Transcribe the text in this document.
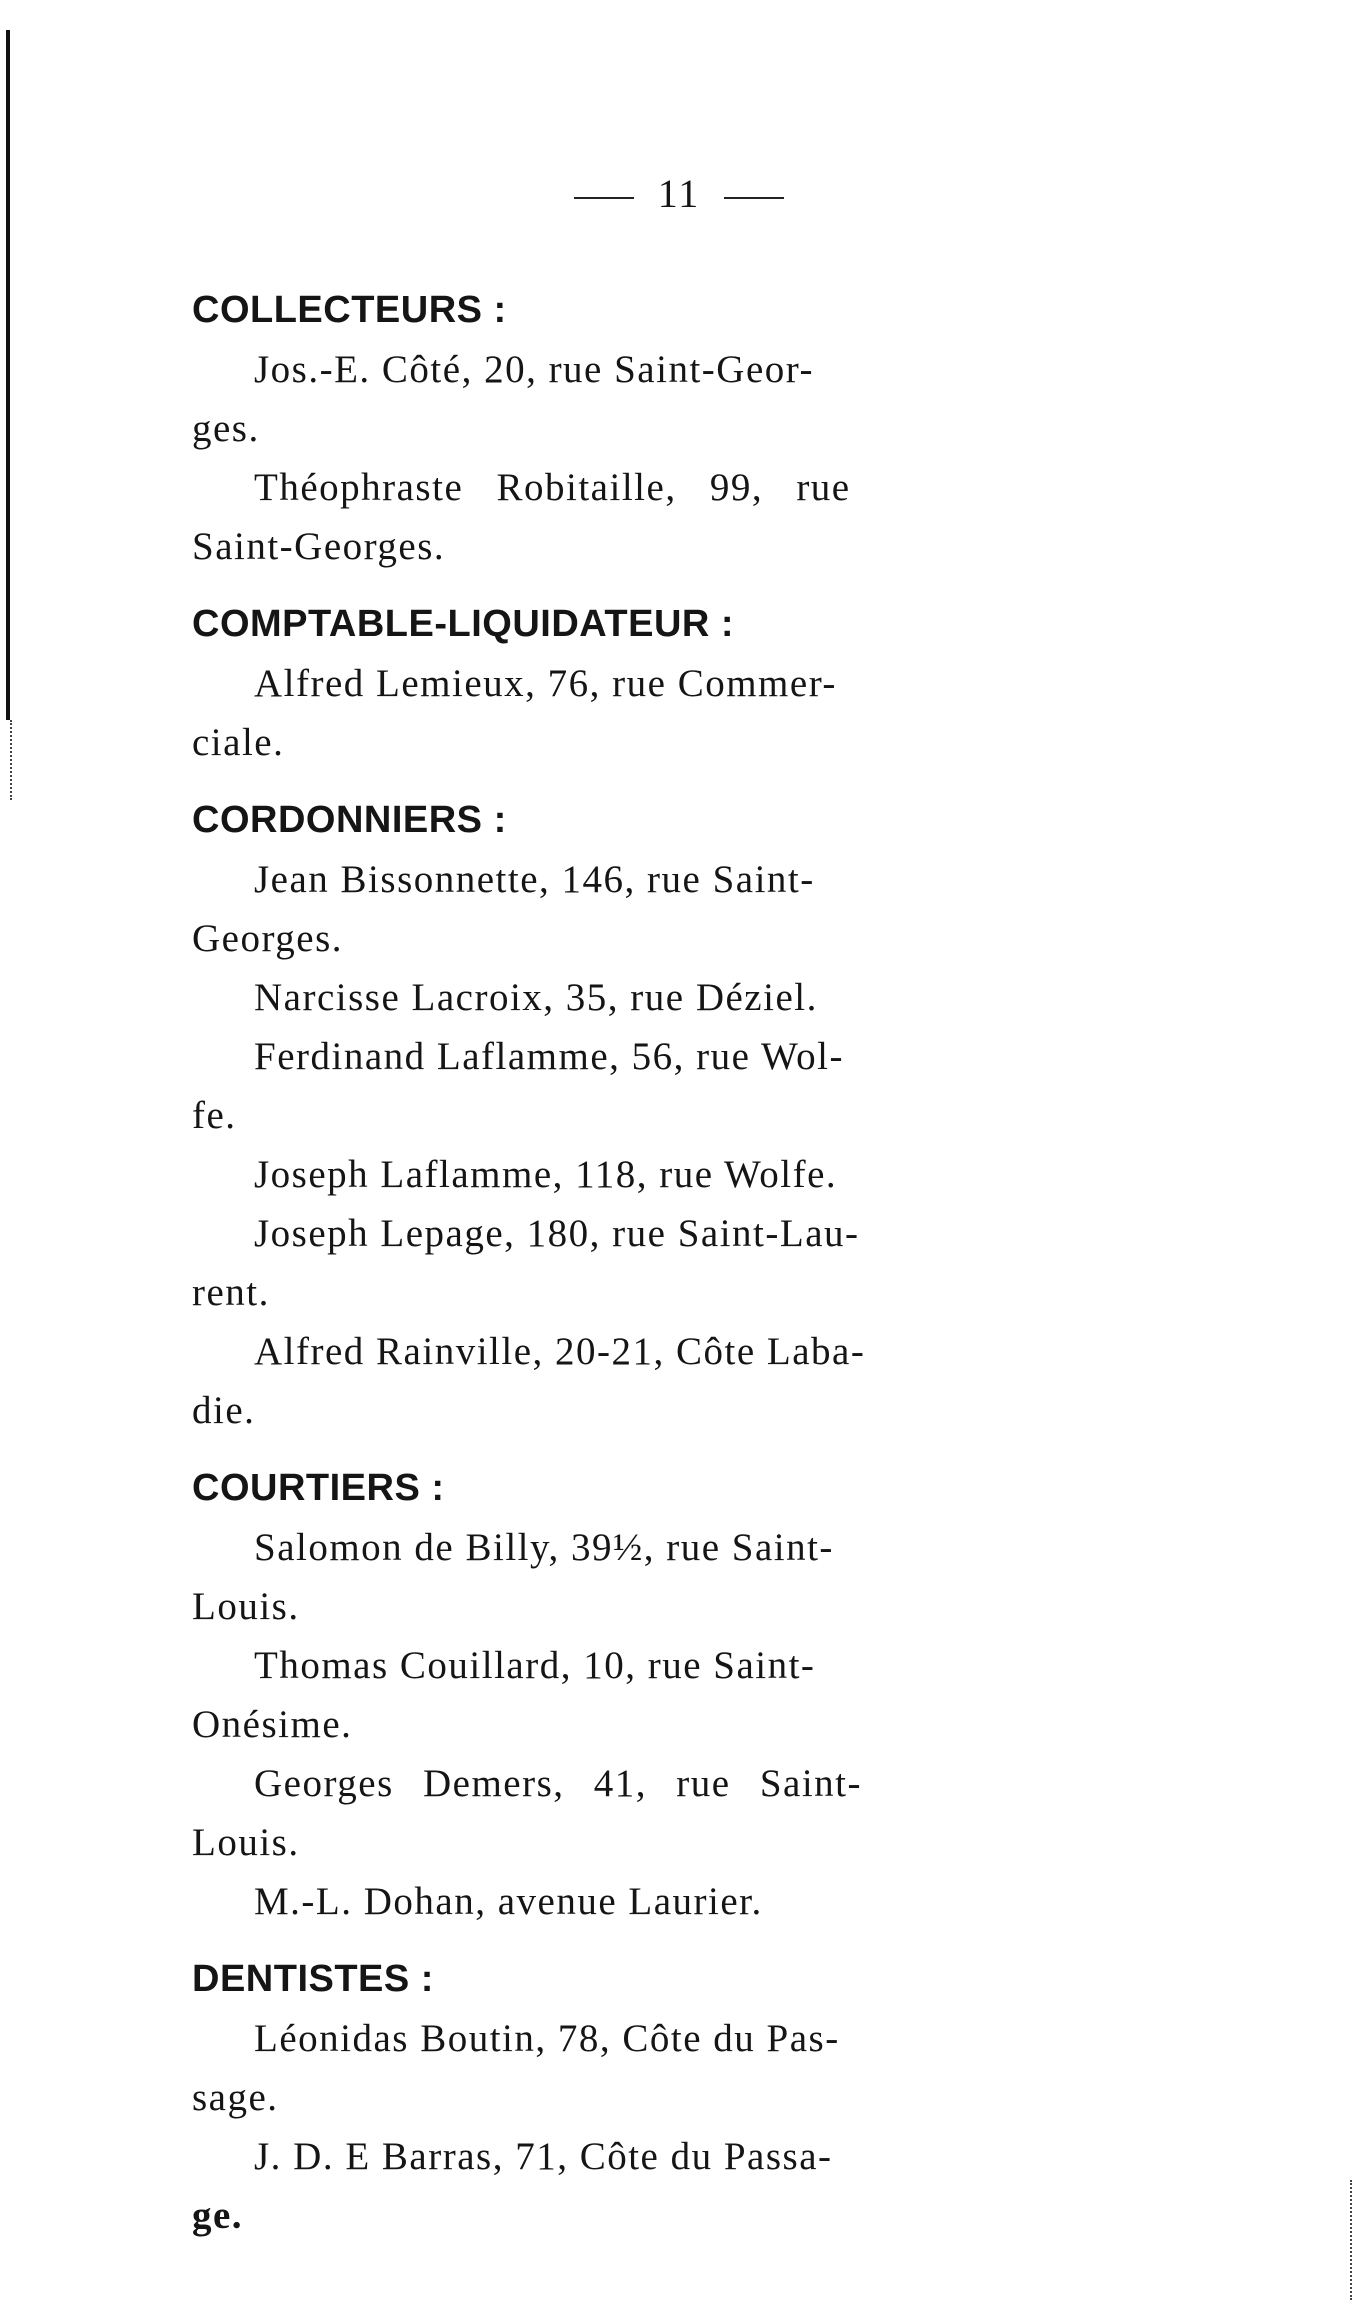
11
COLLECTEURS :
Jos.-E. Côté, 20, rue Saint-Geor-
ges.
Théophraste Robitaille, 99, rue
Saint-Georges.
COMPTABLE-LIQUIDATEUR :
Alfred Lemieux, 76, rue Commer-
ciale.
CORDONNIERS :
Jean Bissonnette, 146, rue Saint-
Georges.
Narcisse Lacroix, 35, rue Déziel.
Ferdinand Laflamme, 56, rue Wol-
fe.
Joseph Laflamme, 118, rue Wolfe.
Joseph Lepage, 180, rue Saint-Lau-
rent.
Alfred Rainville, 20-21, Côte Laba-
die.
COURTIERS :
Salomon de Billy, 39½, rue Saint-
Louis.
Thomas Couillard, 10, rue Saint-
Onésime.
Georges Demers, 41, rue Saint-
Louis.
M.-L. Dohan, avenue Laurier.
DENTISTES :
Léonidas Boutin, 78, Côte du Pas-
sage.
J. D. E Barras, 71, Côte du Passa-
ge.
